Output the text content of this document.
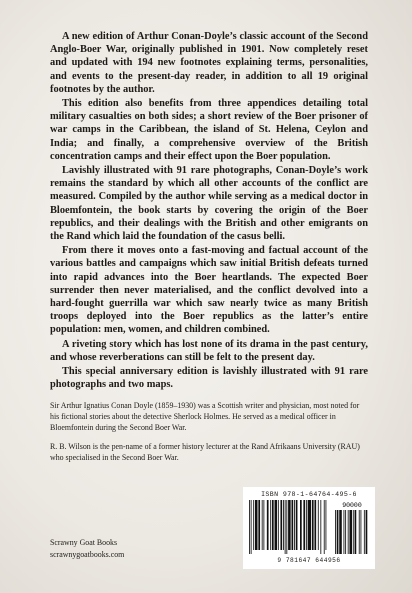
A new edition of Arthur Conan-Doyle’s classic account of the Second Anglo-Boer War, originally published in 1901. Now completely reset and updated with 194 new footnotes explaining terms, personalities, and events to the present-day reader, in addition to all 19 original footnotes by the author.

This edition also benefits from three appendices detailing total military casualties on both sides; a short review of the Boer prisoner of war camps in the Caribbean, the island of St. Helena, Ceylon and India; and finally, a comprehensive overview of the British concentration camps and their effect upon the Boer population.

Lavishly illustrated with 91 rare photographs, Conan-Doyle’s work remains the standard by which all other accounts of the conflict are measured. Compiled by the author while serving as a medical doctor in Bloemfontein, the book starts by covering the origin of the Boer republics, and their dealings with the British and other emigrants on the Rand which laid the foundation of the casus belli.

From there it moves onto a fast-moving and factual account of the various battles and campaigns which saw initial British defeats turned into rapid advances into the Boer heartlands. The expected Boer surrender then never materialised, and the conflict devolved into a hard-fought guerrilla war which saw nearly twice as many British troops deployed into the Boer republics as the latter’s entire population: men, women, and children combined.

A riveting story which has lost none of its drama in the past century, and whose reverberations can still be felt to the present day.

This special anniversary edition is lavishly illustrated with 91 rare photographs and two maps.

Sir Arthur Ignatius Conan Doyle (1859–1930) was a Scottish writer and physician, most noted for his fictional stories about the detective Sherlock Holmes. He served as a medical officer in Bloemfontein during the Second Boer War.

R. B. Wilson is the pen-name of a former history lecturer at the Rand Afrikaans University (RAU) who specialised in the Second Boer War.

Scrawny Goat Books
scrawnygoatbooks.com
ISBN 978-1-64764-495-6
90000
9 781647 644956
